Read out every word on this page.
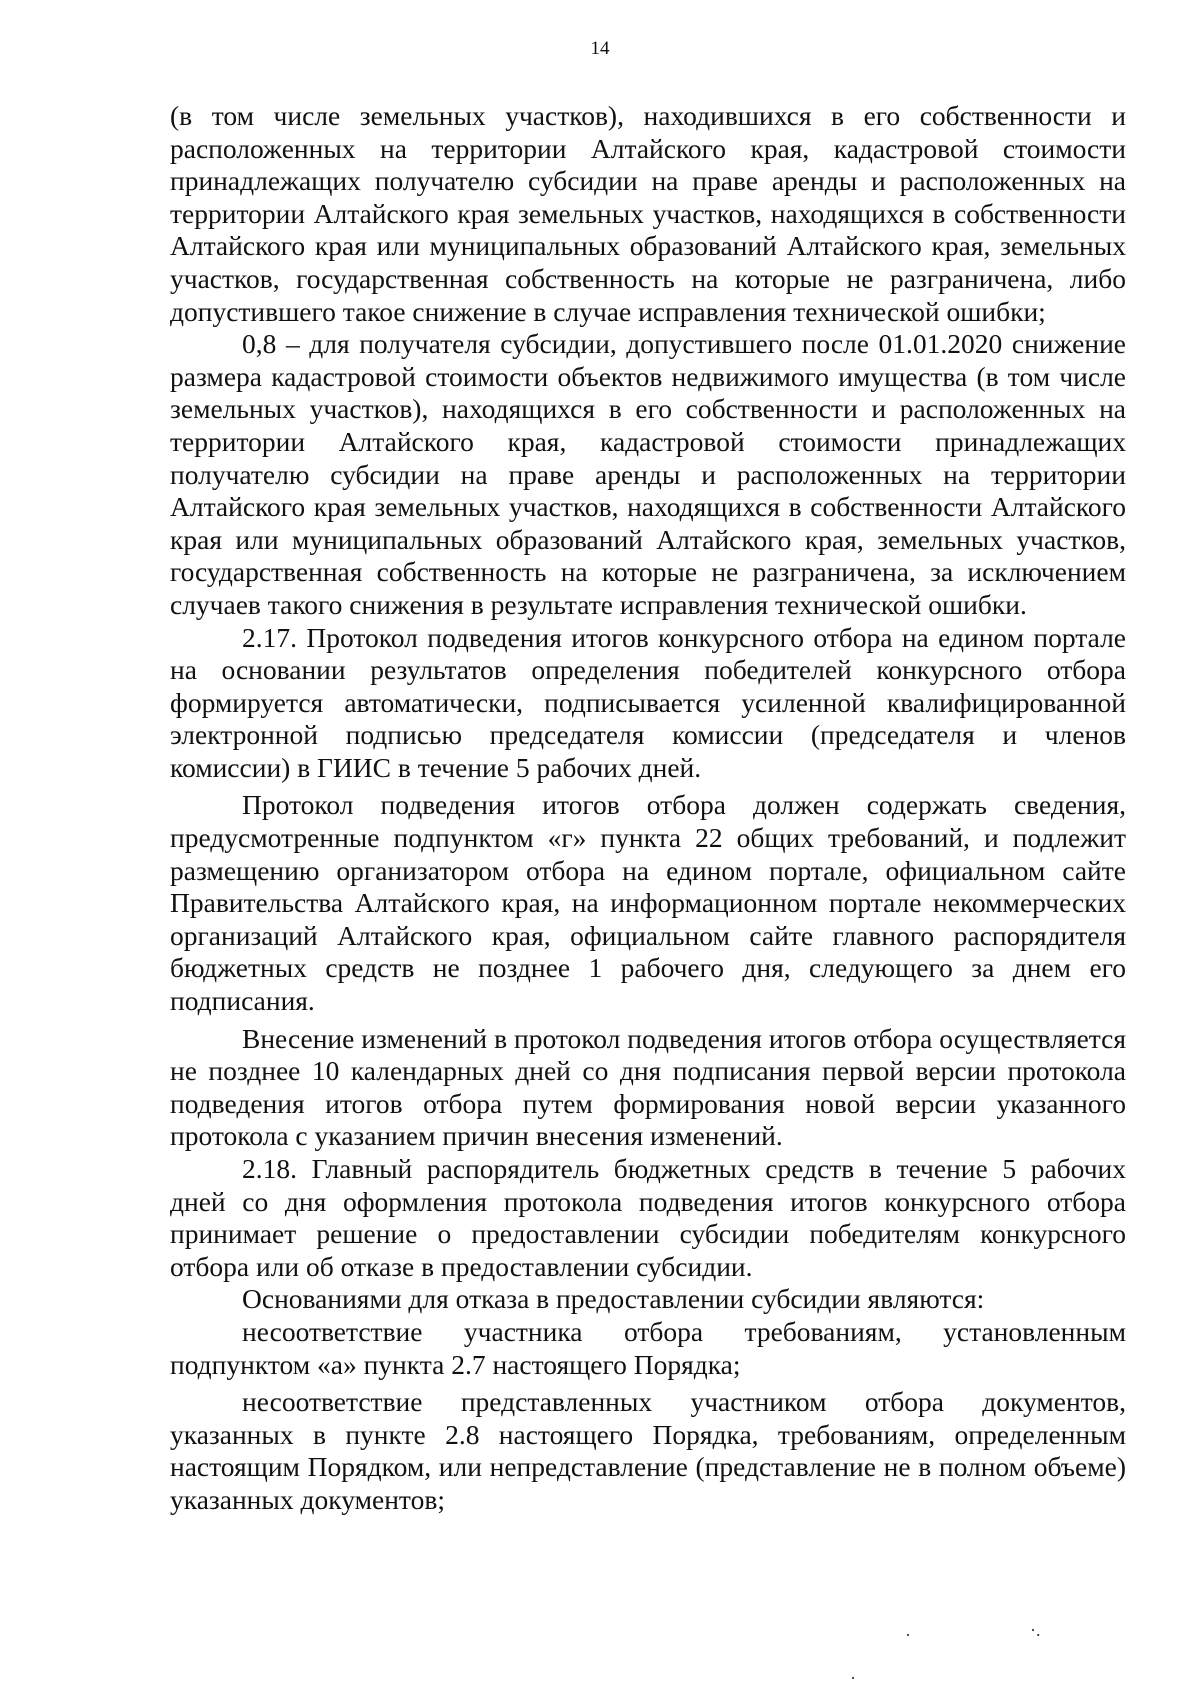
14

(в том числе земельных участков), находившихся в его собственности и расположенных на территории Алтайского края, кадастровой стоимости принадлежащих получателю субсидии на праве аренды и расположенных на территории Алтайского края земельных участков, находящихся в собственности Алтайского края или муниципальных образований Алтайского края, земельных участков, государственная собственность на которые не разграничена, либо допустившего такое снижение в случае исправления технической ошибки;

0,8 – для получателя субсидии, допустившего после 01.01.2020 снижение размера кадастровой стоимости объектов недвижимого имущества (в том числе земельных участков), находящихся в его собственности и расположенных на территории Алтайского края, кадастровой стоимости принадлежащих получателю субсидии на праве аренды и расположенных на территории Алтайского края земельных участков, находящихся в собственности Алтайского края или муниципальных образований Алтайского края, земельных участков, государственная собственность на которые не разграничена, за исключением случаев такого снижения в результате исправления технической ошибки.

2.17. Протокол подведения итогов конкурсного отбора на едином портале на основании результатов определения победителей конкурсного отбора формируется автоматически, подписывается усиленной квалифицированной электронной подписью председателя комиссии (председателя и членов комиссии) в ГИИС в течение 5 рабочих дней.

Протокол подведения итогов отбора должен содержать сведения, предусмотренные подпунктом «г» пункта 22 общих требований, и подлежит размещению организатором отбора на едином портале, официальном сайте Правительства Алтайского края, на информационном портале некоммерческих организаций Алтайского края, официальном сайте главного распорядителя бюджетных средств не позднее 1 рабочего дня, следующего за днем его подписания.

Внесение изменений в протокол подведения итогов отбора осуществляется не позднее 10 календарных дней со дня подписания первой версии протокола подведения итогов отбора путем формирования новой версии указанного протокола с указанием причин внесения изменений.

2.18. Главный распорядитель бюджетных средств в течение 5 рабочих дней со дня оформления протокола подведения итогов конкурсного отбора принимает решение о предоставлении субсидии победителям конкурсного отбора или об отказе в предоставлении субсидии.

Основаниями для отказа в предоставлении субсидии являются:

несоответствие участника отбора требованиям, установленным подпунктом «а» пункта 2.7 настоящего Порядка;

несоответствие представленных участником отбора документов, указанных в пункте 2.8 настоящего Порядка, требованиям, определенным настоящим Порядком, или непредставление (представление не в полном объеме) указанных документов;

·	·.
·
